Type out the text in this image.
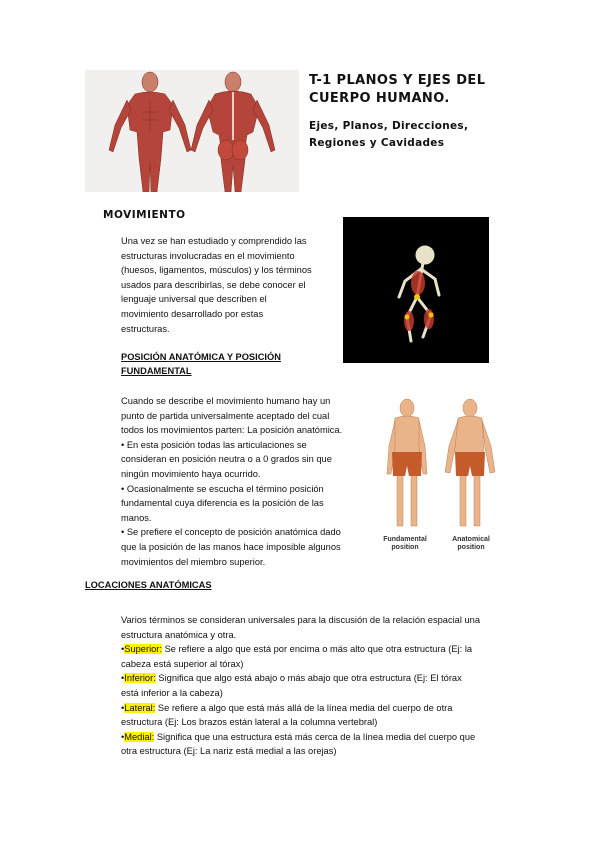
T-1 PLANOS Y EJES DEL
CUERPO HUMANO.

Ejes, Planos, Direcciones,
Regiones y Cavidades

MOVIMIENTO
Una vez se han estudiado y comprendido las
estructuras involucradas en el movimiento
(huesos, ligamentos, músculos) y los términos
usados para describirlas, se debe conocer el
lenguaje universal que describen el
movimiento desarrollado por estas
estructuras.

POSICIÓN ANATÓMICA Y POSICIÓN

FUNDAMENTAL

Cuando se describe el movimiento humano hay un
punto de partida universalmente aceptado del cual
todos los movimientos parten: La posición anatómica.
• En esta posición todas las articulaciones se
consideran en posición neutra o a 0 grados sin que
ningún movimiento haya ocurrido.
• Ocasionalmente se escucha el término posición
fundamental cuya diferencia es la posición de las
manos.
• Se prefiere el concepto de posición anatómica dado
que la posición de las manos hace imposible algunos
movimientos del miembro superior.
Fundamental
position
Anatomical
position

LOCACIONES ANATÓMICAS

Varios términos se consideran universales para la discusión de la relación espacial una
estructura anatómica y otra.
•Superior: Se refiere a algo que está por encima o más alto que otra estructura (Ej: la
cabeza está superior al tórax)
•Inferior: Significa que algo está abajo o más abajo que otra estructura (Ej: El tórax
está inferior a la cabeza)
•Lateral: Se refiere a algo que está más allá de la línea media del cuerpo de otra
estructura (Ej: Los brazos están lateral a la columna vertebral)
•Medial: Significa que una estructura está más cerca de la línea media del cuerpo que
otra estructura (Ej: La nariz está medial a las orejas)
